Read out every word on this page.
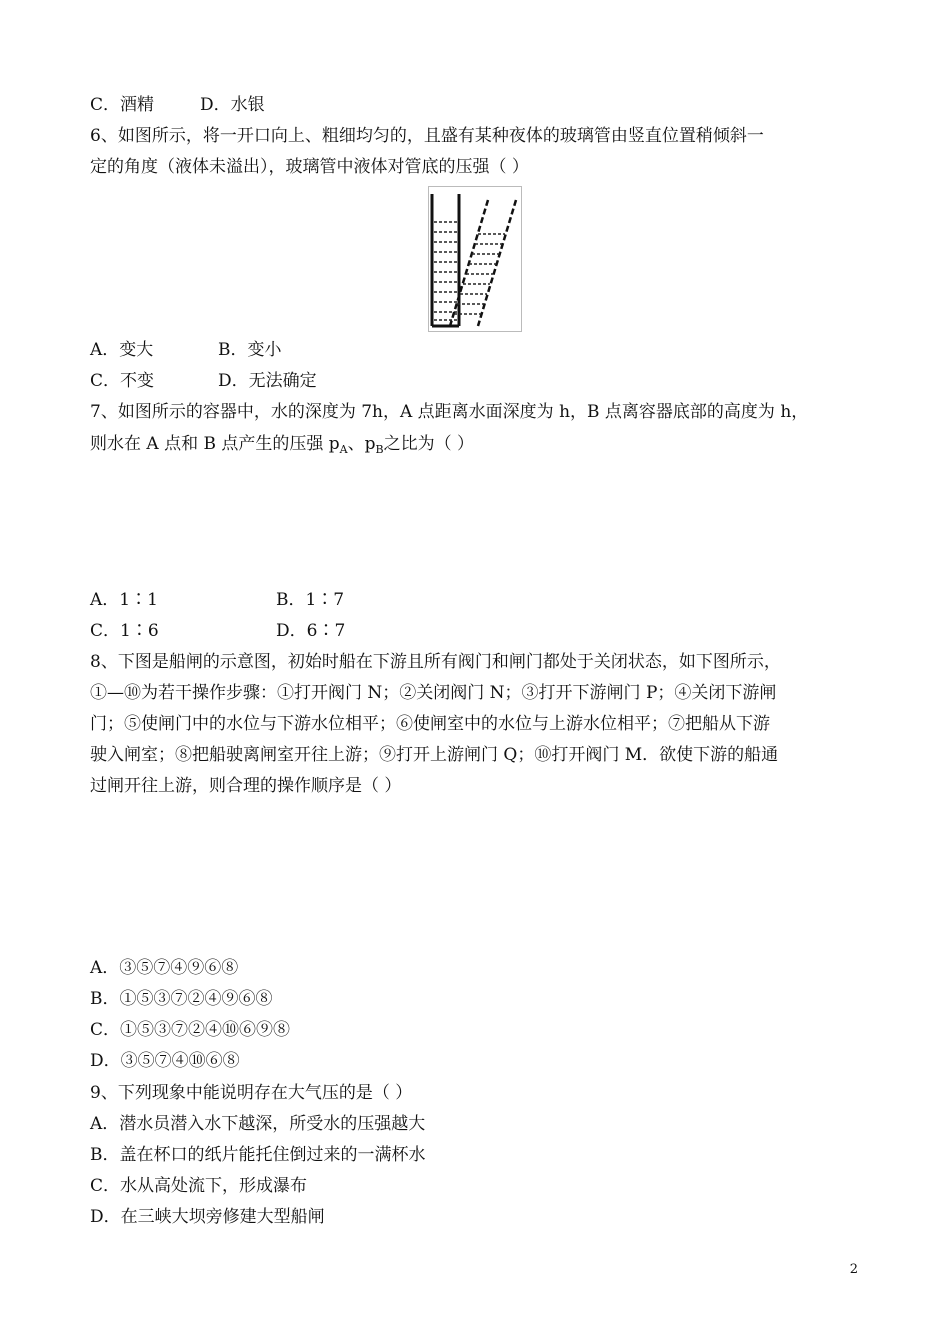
C．酒精	D．水银
6、如图所示，将一开口向上、粗细均匀的，且盛有某种夜体的玻璃管由竖直位置稍倾斜一
定的角度（液体未溢出），玻璃管中液体对管底的压强（ ）
A．变大	B．变小
C．不变	D．无法确定
7、如图所示的容器中，水的深度为 7h，A 点距离水面深度为 h，B 点离容器底部的高度为 h，
则水在 A 点和 B 点产生的压强 $p_A$、$p_B$之比为（ ）
A．1∶1	B．1∶7
C．1∶6	D．6∶7
8、下图是船闸的示意图，初始时船在下游且所有阀门和闸门都处于关闭状态，如下图所示，
①—⑩为若干操作步骤：①打开阀门 N；②关闭阀门 N；③打开下游闸门 P；④关闭下游闸
门；⑤使闸门中的水位与下游水位相平；⑥使闸室中的水位与上游水位相平；⑦把船从下游
驶入闸室；⑧把船驶离闸室开往上游；⑨打开上游闸门 Q；⑩打开阀门 M．欲使下游的船通
过闸开往上游，则合理的操作顺序是（ ）
A．③⑤⑦④⑨⑥⑧
B．①⑤③⑦②④⑨⑥⑧
C．①⑤③⑦②④⑩⑥⑨⑧
D．③⑤⑦④⑩⑥⑧
9、下列现象中能说明存在大气压的是（ ）
A．潜水员潜入水下越深，所受水的压强越大
B．盖在杯口的纸片能托住倒过来的一满杯水
C．水从高处流下，形成瀑布
D．在三峡大坝旁修建大型船闸
2
